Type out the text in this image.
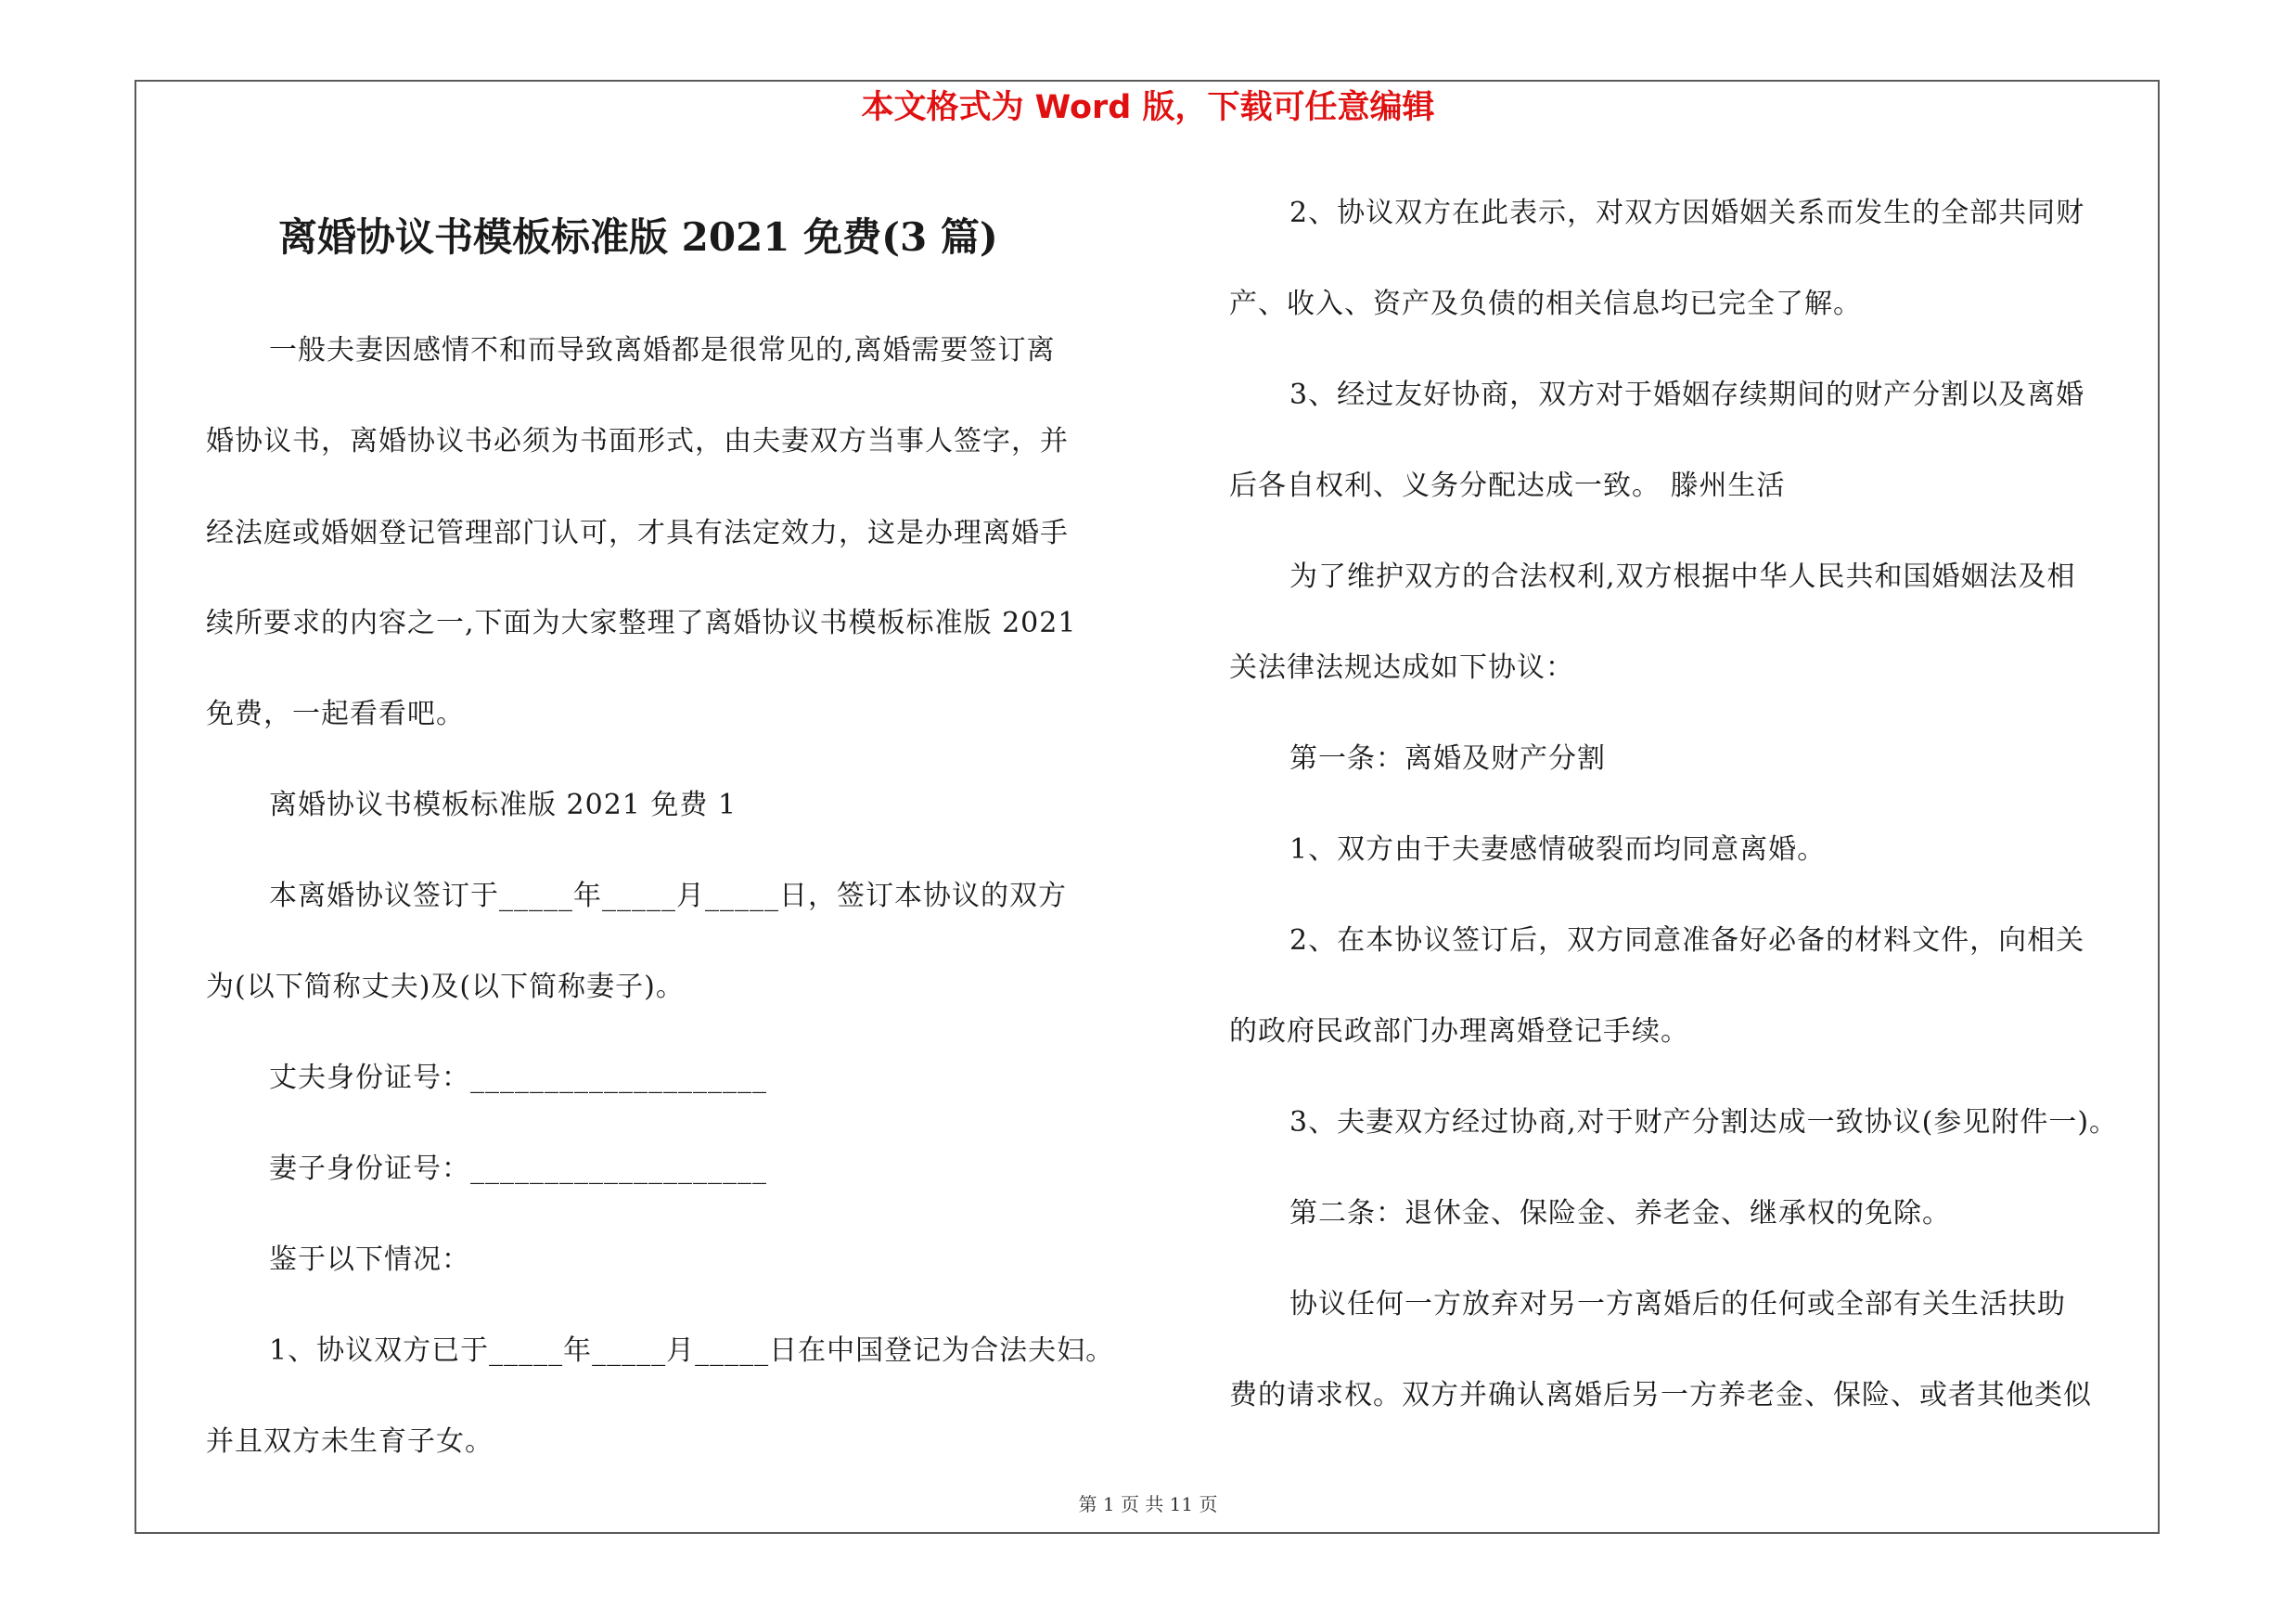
本文格式为 Word 版，下载可任意编辑
离婚协议书模板标准版 2021 免费(3 篇)
一般夫妻因感情不和而导致离婚都是很常见的,离婚需要签订离
婚协议书，离婚协议书必须为书面形式，由夫妻双方当事人签字，并
经法庭或婚姻登记管理部门认可，才具有法定效力，这是办理离婚手
续所要求的内容之一,下面为大家整理了离婚协议书模板标准版 2021
免费，一起看看吧。
离婚协议书模板标准版 2021 免费 1
本离婚协议签订于_____年_____月_____日，签订本协议的双方
为(以下简称丈夫)及(以下简称妻子)。
丈夫身份证号：____________________
妻子身份证号：____________________
鉴于以下情况：
1、协议双方已于_____年_____月_____日在中国登记为合法夫妇。
并且双方未生育子女。
2、协议双方在此表示，对双方因婚姻关系而发生的全部共同财
产、收入、资产及负债的相关信息均已完全了解。
3、经过友好协商，双方对于婚姻存续期间的财产分割以及离婚
后各自权利、义务分配达成一致。 滕州生活
为了维护双方的合法权利,双方根据中华人民共和国婚姻法及相
关法律法规达成如下协议：
第一条：离婚及财产分割
1、双方由于夫妻感情破裂而均同意离婚。
2、在本协议签订后，双方同意准备好必备的材料文件，向相关
的政府民政部门办理离婚登记手续。
3、夫妻双方经过协商,对于财产分割达成一致协议(参见附件一)。
第二条：退休金、保险金、养老金、继承权的免除。
协议任何一方放弃对另一方离婚后的任何或全部有关生活扶助
费的请求权。双方并确认离婚后另一方养老金、保险、或者其他类似
第 1 页 共 11 页
